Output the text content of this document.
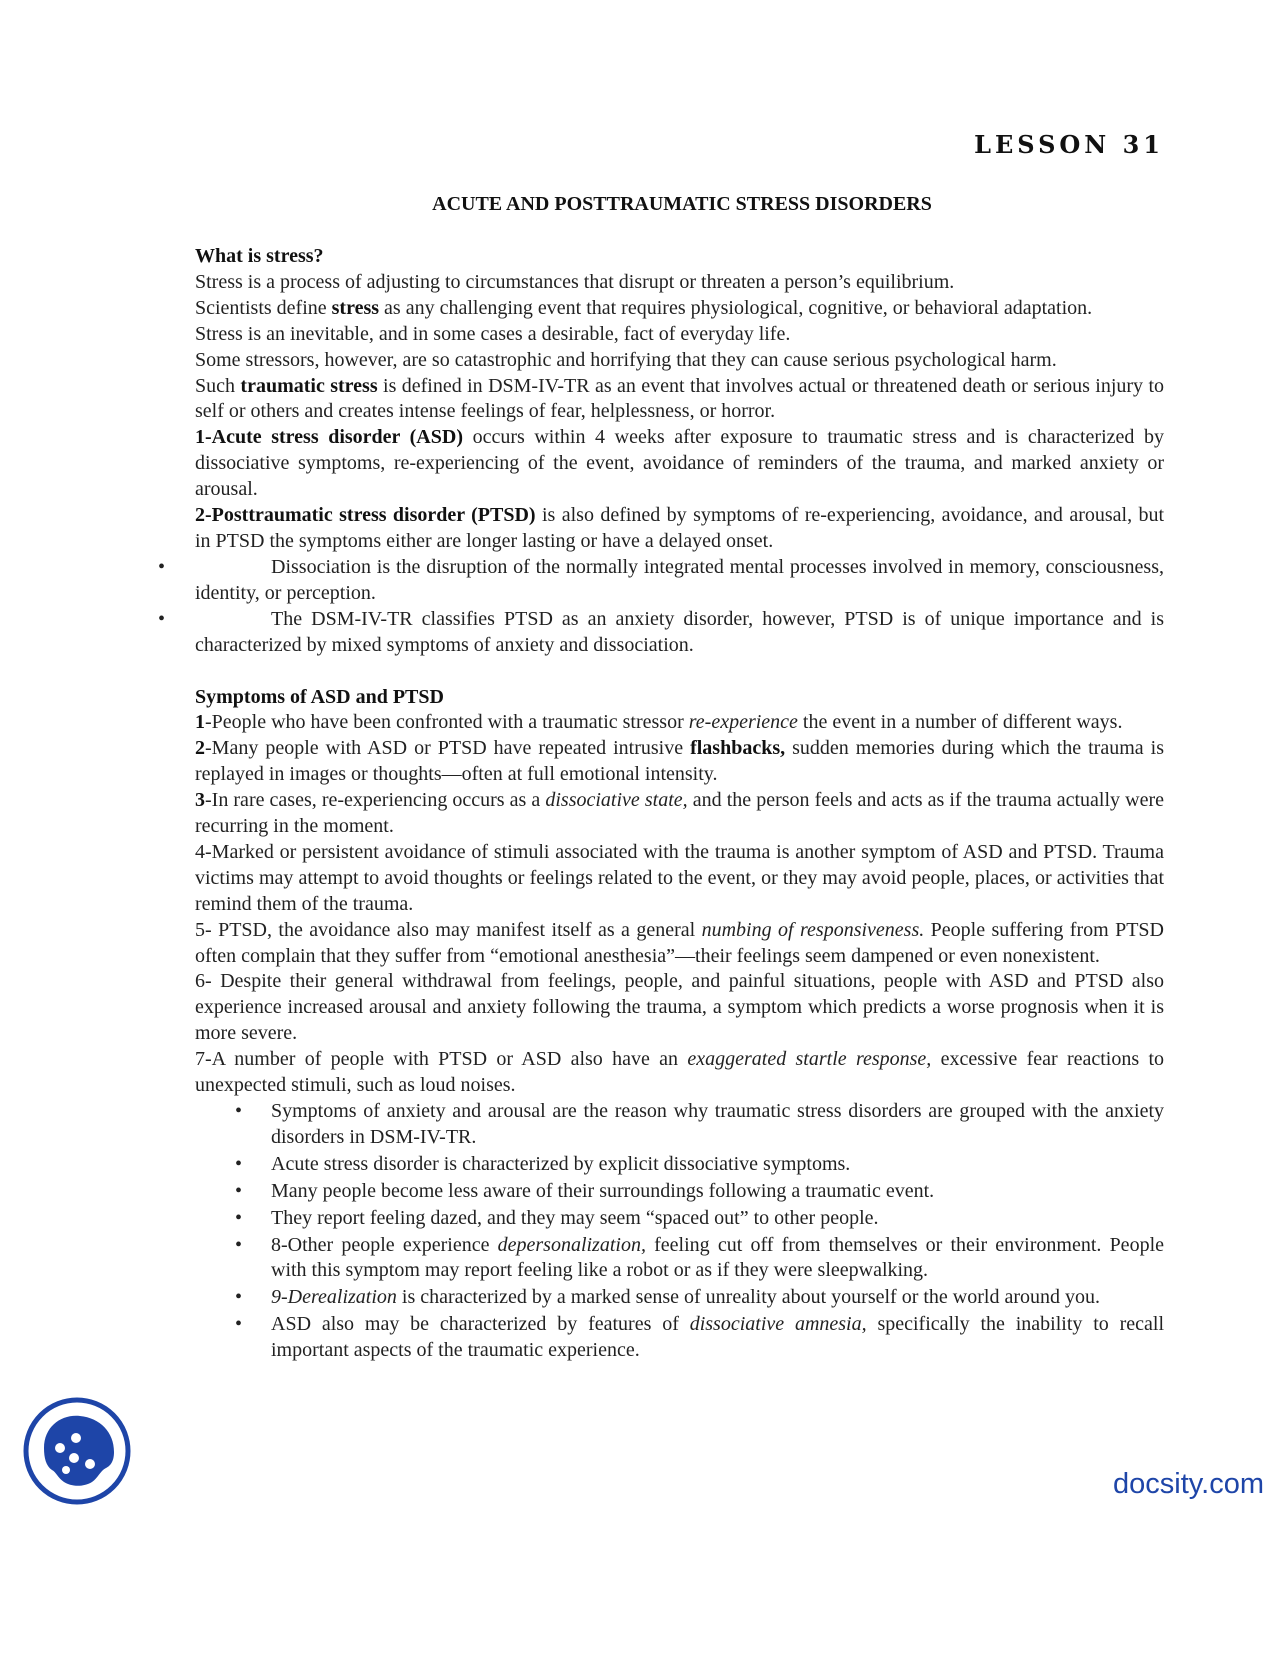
LESSON 31
ACUTE AND POSTTRAUMATIC STRESS DISORDERS

What is stress?

Stress is a process of adjusting to circumstances that disrupt or threaten a person’s equilibrium.

Scientists define stress as any challenging event that requires physiological, cognitive, or behavioral adaptation.

Stress is an inevitable, and in some cases a desirable, fact of everyday life.

Some stressors, however, are so catastrophic and horrifying that they can cause serious psychological harm.

Such traumatic stress is defined in DSM-IV-TR as an event that involves actual or threatened death or serious injury to self or others and creates intense feelings of fear, helplessness, or horror.

1-Acute stress disorder (ASD) occurs within 4 weeks after exposure to traumatic stress and is characterized by dissociative symptoms, re-experiencing of the event, avoidance of reminders of the trauma, and marked anxiety or arousal.

2-Posttraumatic stress disorder (PTSD) is also defined by symptoms of re-experiencing, avoidance, and arousal, but in PTSD the symptoms either are longer lasting or have a delayed onset.

•	Dissociation is the disruption of the normally integrated mental processes involved in memory, consciousness, identity, or perception.

•	The DSM-IV-TR classifies PTSD as an anxiety disorder, however, PTSD is of unique importance and is characterized by mixed symptoms of anxiety and dissociation.

Symptoms of ASD and PTSD

1-People who have been confronted with a traumatic stressor re-experience the event in a number of different ways.

2-Many people with ASD or PTSD have repeated intrusive flashbacks, sudden memories during which the trauma is replayed in images or thoughts—often at full emotional intensity.

3-In rare cases, re-experiencing occurs as a dissociative state, and the person feels and acts as if the trauma actually were recurring in the moment.

4-Marked or persistent avoidance of stimuli associated with the trauma is another symptom of ASD and PTSD. Trauma victims may attempt to avoid thoughts or feelings related to the event, or they may avoid people, places, or activities that remind them of the trauma.

5- PTSD, the avoidance also may manifest itself as a general numbing of responsiveness. People suffering from PTSD often complain that they suffer from “emotional anesthesia”—their feelings seem dampened or even nonexistent.

6- Despite their general withdrawal from feelings, people, and painful situations, people with ASD and PTSD also experience increased arousal and anxiety following the trauma, a symptom which predicts a worse prognosis when it is more severe.

7-A number of people with PTSD or ASD also have an exaggerated startle response, excessive fear reactions to unexpected stimuli, such as loud noises.

• Symptoms of anxiety and arousal are the reason why traumatic stress disorders are grouped with the anxiety disorders in DSM-IV-TR.
• Acute stress disorder is characterized by explicit dissociative symptoms.
• Many people become less aware of their surroundings following a traumatic event.
• They report feeling dazed, and they may seem “spaced out” to other people.
• 8-Other people experience depersonalization, feeling cut off from themselves or their environment. People with this symptom may report feeling like a robot or as if they were sleepwalking.
• 9-Derealization is characterized by a marked sense of unreality about yourself or the world around you.
• ASD also may be characterized by features of dissociative amnesia, specifically the inability to recall important aspects of the traumatic experience.
docsity.com
